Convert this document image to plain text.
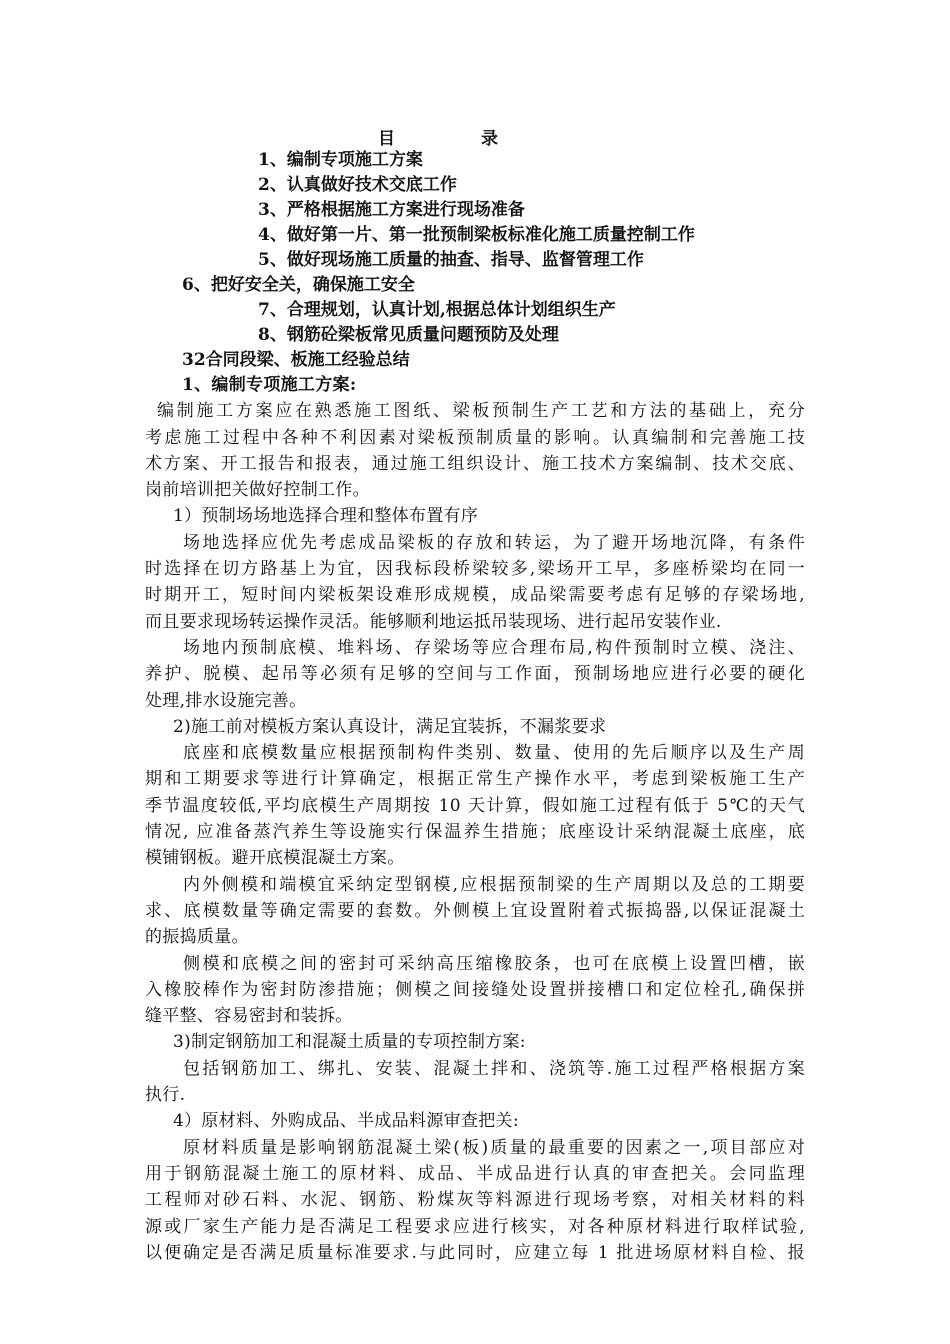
目	录
1、编制专项施工方案
2、认真做好技术交底工作
3、严格根据施工方案进行现场准备
4、做好第一片、第一批预制梁板标准化施工质量控制工作
5、做好现场施工质量的抽查、指导、监督管理工作
6、把好安全关，确保施工安全
7、合理规划，认真计划,根据总体计划组织生产
8、钢筋砼梁板常见质量问题预防及处理
32合同段梁、板施工经验总结
1、编制专项施工方案:
编制施工方案应在熟悉施工图纸、梁板预制生产工艺和方法的基础上，充分
考虑施工过程中各种不利因素对梁板预制质量的影响。认真编制和完善施工技
术方案、开工报告和报表，通过施工组织设计、施工技术方案编制、技术交底、
岗前培训把关做好控制工作。
1）预制场场地选择合理和整体布置有序
场地选择应优先考虑成品梁板的存放和转运，为了避开场地沉降，有条件
时选择在切方路基上为宜，因我标段桥梁较多,梁场开工早，多座桥梁均在同一
时期开工，短时间内梁板架设难形成规模，成品梁需要考虑有足够的存梁场地,
而且要求现场转运操作灵活。能够顺利地运抵吊装现场、进行起吊安装作业.
场地内预制底模、堆料场、存梁场等应合理布局,构件预制时立模、浇注、
养护、脱模、起吊等必须有足够的空间与工作面，预制场地应进行必要的硬化
处理,排水设施完善。
2)施工前对模板方案认真设计，满足宜装拆，不漏浆要求
底座和底模数量应根据预制构件类别、数量、使用的先后顺序以及生产周
期和工期要求等进行计算确定，根据正常生产操作水平，考虑到梁板施工生产
季节温度较低,平均底模生产周期按 10 天计算，假如施工过程有低于 5℃的天气
情况, 应准备蒸汽养生等设施实行保温养生措施；底座设计采纳混凝土底座，底
模铺钢板。避开底模混凝土方案。
内外侧模和端模宜采纳定型钢模,应根据预制梁的生产周期以及总的工期要
求、底模数量等确定需要的套数。外侧模上宜设置附着式振捣器,以保证混凝土
的振捣质量。
侧模和底模之间的密封可采纳高压缩橡胶条，也可在底模上设置凹槽，嵌
入橡胶棒作为密封防渗措施；侧模之间接缝处设置拼接槽口和定位栓孔,确保拼
缝平整、容易密封和装拆。
3)制定钢筋加工和混凝土质量的专项控制方案:
包括钢筋加工、绑扎、安装、混凝土拌和、浇筑等.施工过程严格根据方案
执行.
4）原材料、外购成品、半成品料源审查把关:
原材料质量是影响钢筋混凝土梁(板)质量的最重要的因素之一,项目部应对
用于钢筋混凝土施工的原材料、成品、半成品进行认真的审查把关。会同监理
工程师对砂石料、水泥、钢筋、粉煤灰等料源进行现场考察，对相关材料的料
源或厂家生产能力是否满足工程要求应进行核实，对各种原材料进行取样试验,
以便确定是否满足质量标准要求.与此同时，应建立每 1 批进场原材料自检、报
